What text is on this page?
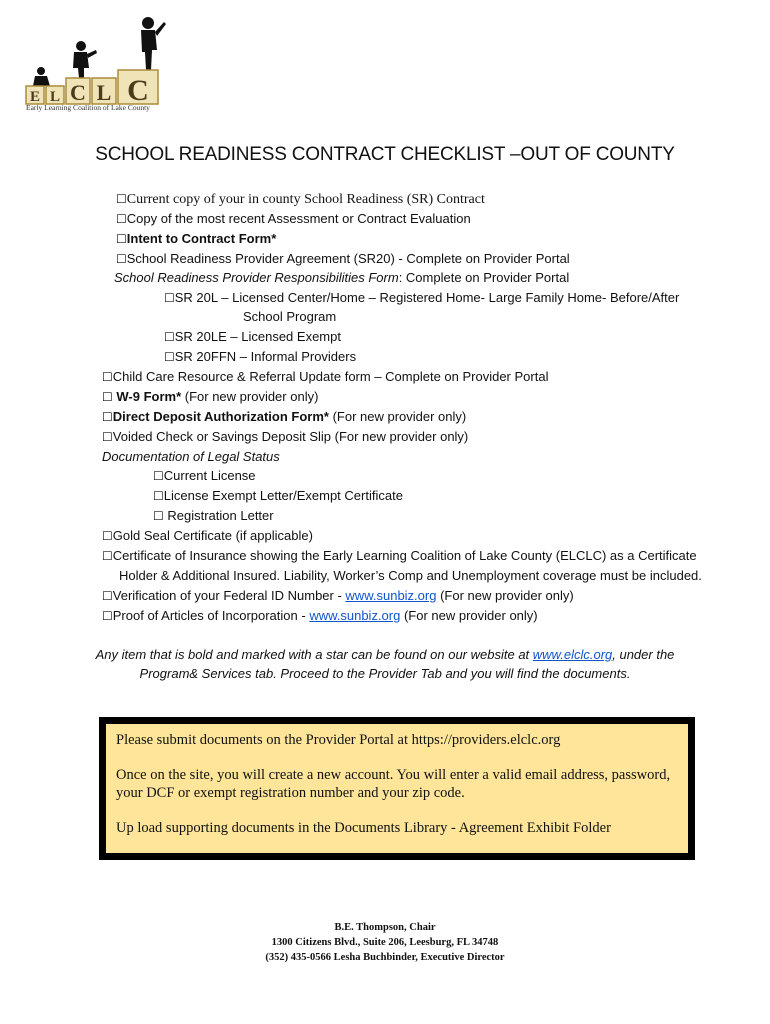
E L C L C
Early Learning Coalition of Lake County
SCHOOL READINESS CONTRACT CHECKLIST –OUT OF COUNTY
☐Current copy of your in county School Readiness (SR) Contract
☐Copy of the most recent Assessment or Contract Evaluation
☐Intent to Contract Form*
☐School Readiness Provider Agreement (SR20) - Complete on Provider Portal
School Readiness Provider Responsibilities Form: Complete on Provider Portal
☐SR 20L – Licensed Center/Home – Registered Home- Large Family Home- Before/After
School Program
☐SR 20LE – Licensed Exempt
☐SR 20FFN – Informal Providers
☐Child Care Resource & Referral Update form – Complete on Provider Portal
☐ W-9 Form* (For new provider only)
☐Direct Deposit Authorization Form* (For new provider only)
☐Voided Check or Savings Deposit Slip (For new provider only)
Documentation of Legal Status
☐Current License
☐License Exempt Letter/Exempt Certificate
☐ Registration Letter
☐Gold Seal Certificate (if applicable)
☐Certificate of Insurance showing the Early Learning Coalition of Lake County (ELCLC) as a Certificate
Holder & Additional Insured. Liability, Worker’s Comp and Unemployment coverage must be included.
☐Verification of your Federal ID Number - www.sunbiz.org (For new provider only)
☐Proof of Articles of Incorporation - www.sunbiz.org (For new provider only)
Any item that is bold and marked with a star can be found on our website at www.elclc.org, under the
Program& Services tab. Proceed to the Provider Tab and you will find the documents.

Please submit documents on the Provider Portal at https://providers.elclc.org

Once on the site, you will create a new account. You will enter a valid email address, password, your DCF or exempt registration number and your zip code.

Up load supporting documents in the Documents Library - Agreement Exhibit Folder

B.E. Thompson, Chair
1300 Citizens Blvd., Suite 206, Leesburg, FL 34748
(352) 435-0566 Lesha Buchbinder, Executive Director
